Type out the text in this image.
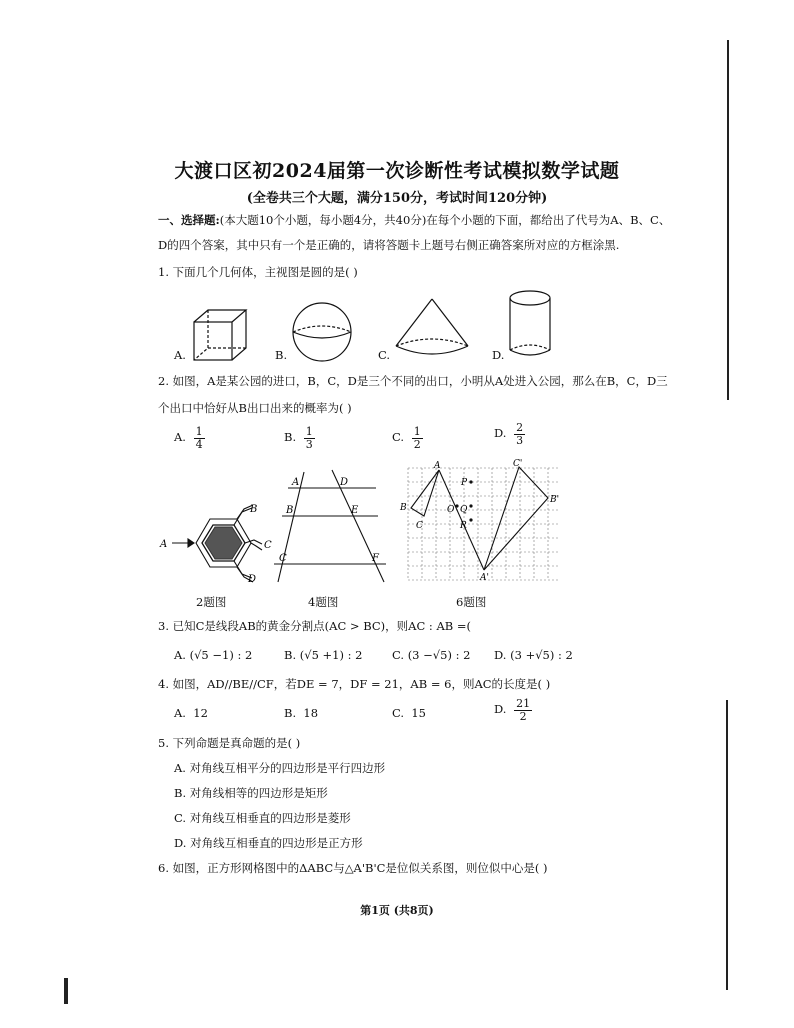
大渡口区初2024届第一次诊断性考试模拟数学试题
(全卷共三个大题，满分150分，考试时间120分钟)
一、选择题:(本大题10个小题，每小题4分，共40分)在每个小题的下面，都给出了代号为A、B、C、
D的四个答案，其中只有一个是正确的，请将答题卡上题号右侧正确答案所对应的方框涂黑.
1. 下面几个几何体，主视图是圆的是( )
A.	B.	C.	D.
2. 如图，A是某公园的进口，B，C，D是三个不同的出口，小明从A处进入公园，那么在B，C，D三
个出口中恰好从B出口出来的概率为( )
A. $\frac{1}{4}$	B. $\frac{1}{3}$	C. $\frac{1}{2}$	D. $\frac{2}{3}$
A
B
C
D
A
B
C
D
E
F
A
B
C
P
O Q
R
A'
B'
C'
2题图	4题图	6题图
3. 已知C是线段AB的黄金分割点(AC > BC)，则AC : AB =(
A. (√5 −1) : 2	B. (√5 +1) : 2	C. (3 −√5) : 2 D. (3 +√5) : 2
4. 如图，AD//BE//CF，若DE = 7，DF = 21，AB = 6，则AC的长度是( )
A. 12	B. 18	C. 15	D. $\frac{21}{2}$
5. 下列命题是真命题的是( )
A. 对角线互相平分的四边形是平行四边形
B. 对角线相等的四边形是矩形
C. 对角线互相垂直的四边形是菱形
D. 对角线互相垂直的四边形是正方形
6. 如图，正方形网格图中的ΔABC与△A'B'C是位似关系图，则位似中心是( )
第1页 (共8页)
